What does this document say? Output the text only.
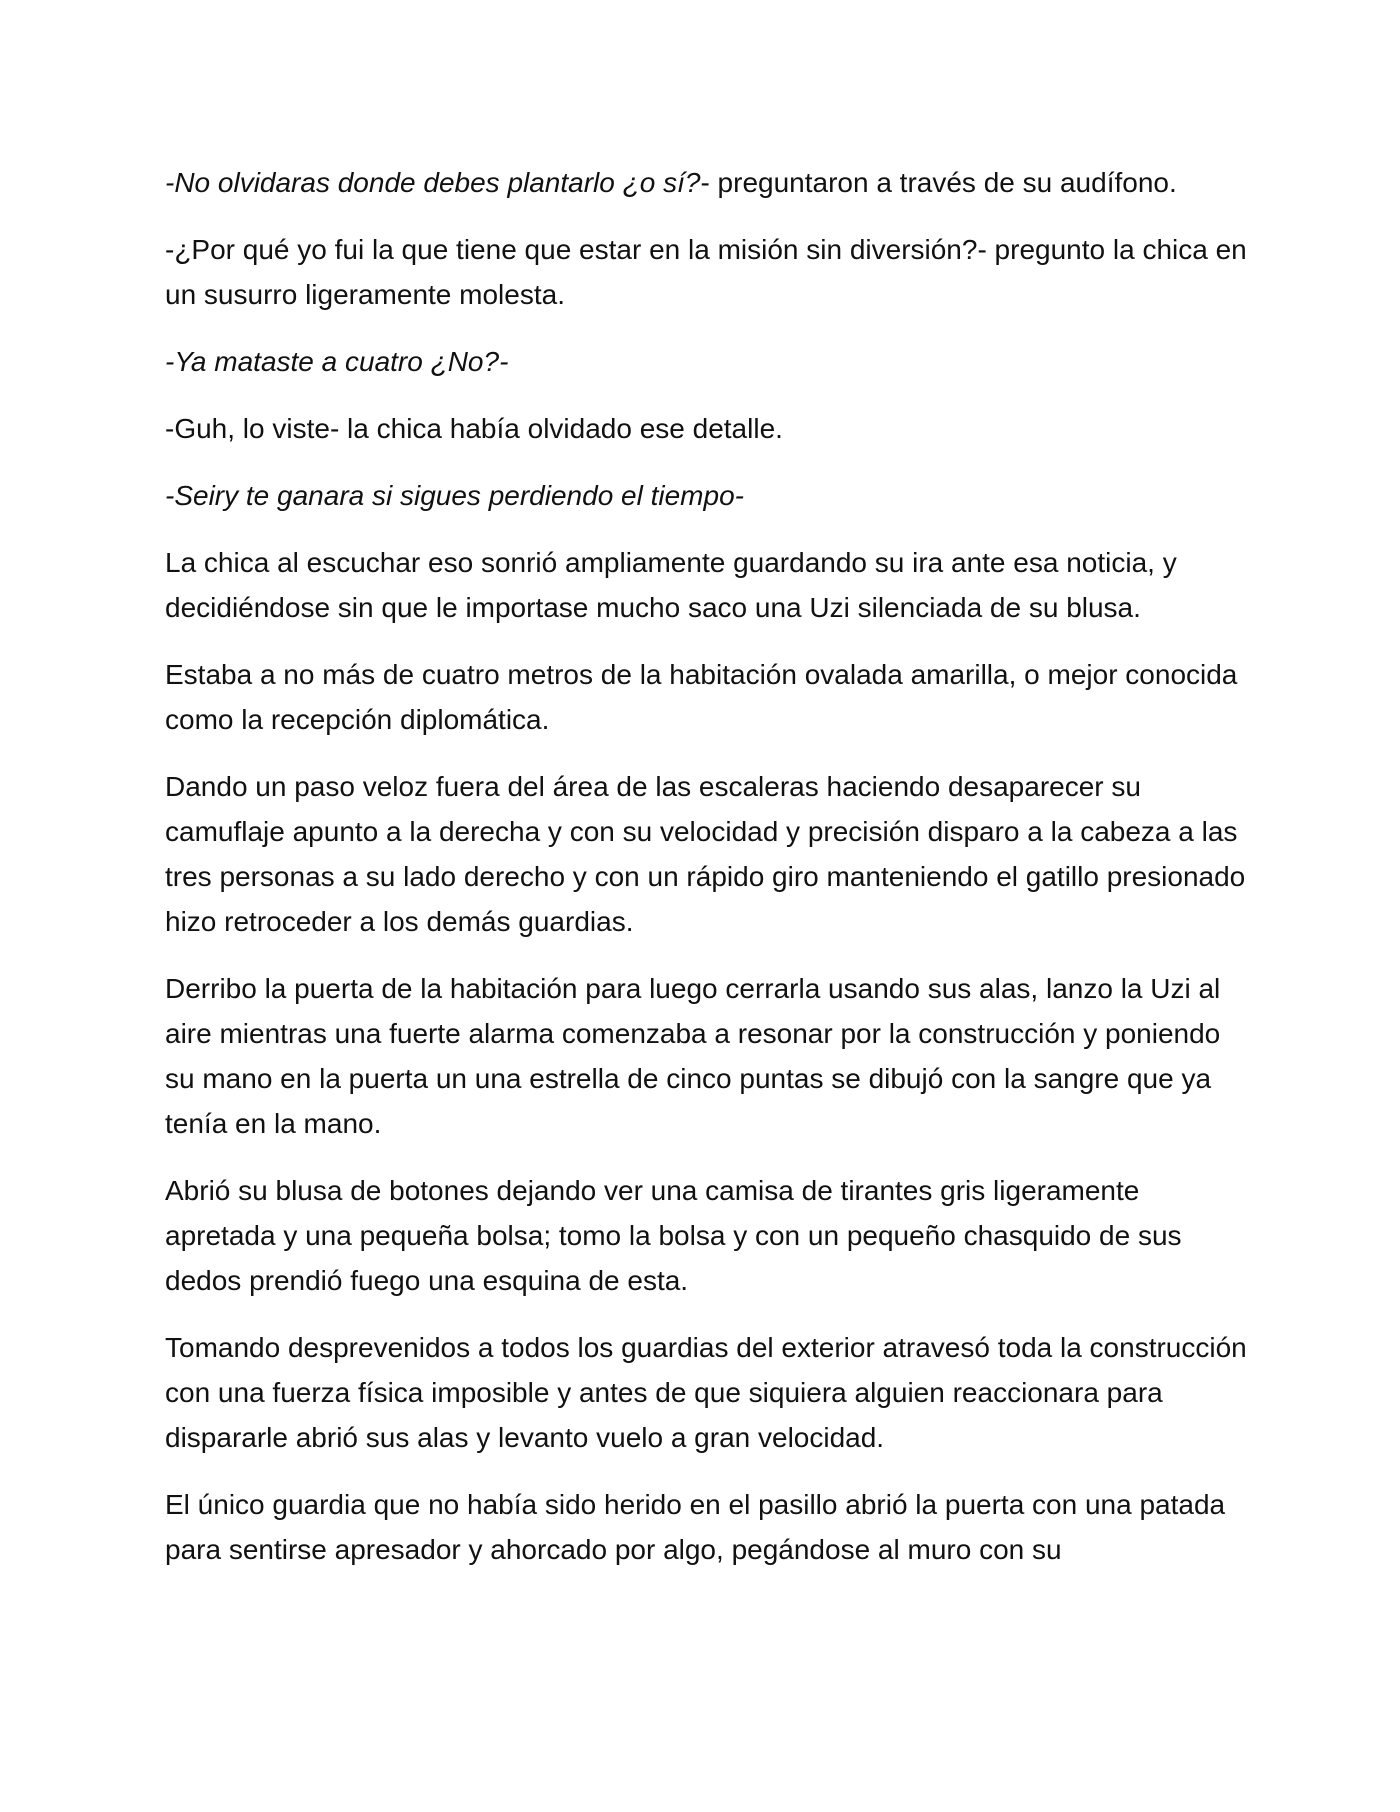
-No olvidaras donde debes plantarlo ¿o sí?- preguntaron a través de su audífono.

-¿Por qué yo fui la que tiene que estar en la misión sin diversión?- pregunto la chica en un susurro ligeramente molesta.

-Ya mataste a cuatro ¿No?-

-Guh, lo viste- la chica había olvidado ese detalle.

-Seiry te ganara si sigues perdiendo el tiempo-

La chica al escuchar eso sonrió ampliamente guardando su ira ante esa noticia, y decidiéndose sin que le importase mucho saco una Uzi silenciada de su blusa.

Estaba a no más de cuatro metros de la habitación ovalada amarilla, o mejor conocida como la recepción diplomática.

Dando un paso veloz fuera del área de las escaleras haciendo desaparecer su camuflaje apunto a la derecha y con su velocidad y precisión disparo a la cabeza a las tres personas a su lado derecho y con un rápido giro manteniendo el gatillo presionado hizo retroceder a los demás guardias.

Derribo la puerta de la habitación para luego cerrarla usando sus alas, lanzo la Uzi al aire mientras una fuerte alarma comenzaba a resonar por la construcción y poniendo su mano en la puerta un una estrella de cinco puntas se dibujó con la sangre que ya tenía en la mano.

Abrió su blusa de botones dejando ver una camisa de tirantes gris ligeramente apretada y una pequeña bolsa; tomo la bolsa y con un pequeño chasquido de sus dedos prendió fuego una esquina de esta.

Tomando desprevenidos a todos los guardias del exterior atravesó toda la construcción con una fuerza física imposible y antes de que siquiera alguien reaccionara para dispararle abrió sus alas y levanto vuelo a gran velocidad.

El único guardia que no había sido herido en el pasillo abrió la puerta con una patada para sentirse apresador y ahorcado por algo, pegándose al muro con su
